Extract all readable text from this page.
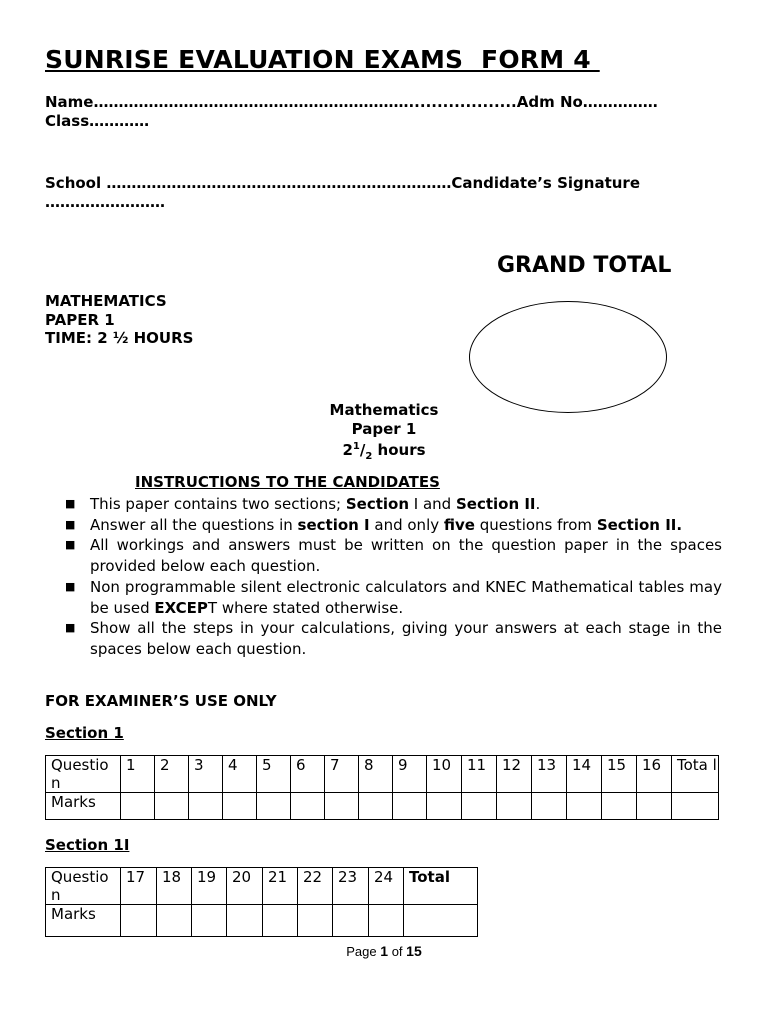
SUNRISE EVALUATION EXAMS  FORM 4
Name………………………………………………………...................Adm No……………
Class…………
School ……………………………………………………………Candidate’s Signature
……………………
GRAND TOTAL
MATHEMATICS
PAPER 1
TIME: 2 ½ HOURS
Mathematics
Paper 1
$2^1/_2$ hours
INSTRUCTIONS TO THE CANDIDATES
■ This paper contains two sections; Section I and Section II.
■ Answer all the questions in section I and only five questions from Section II.
■ All workings and answers must be written on the question paper in the spaces provided below each question.
■ Non programmable silent electronic calculators and KNEC Mathematical tables may be used EXCEPT where stated otherwise.
■ Show all the steps in your calculations, giving your answers at each stage in the spaces below each question.
FOR EXAMINER’S USE ONLY
Section 1
Questio n	1	2	3	4	5	6	7	8	9	10	11	12	13	14	15	16	Tota l
Marks																	
Section 1I
Questio n	17	18	19	20	21	22	23	24	Total
Marks									
Page 1 of 15
